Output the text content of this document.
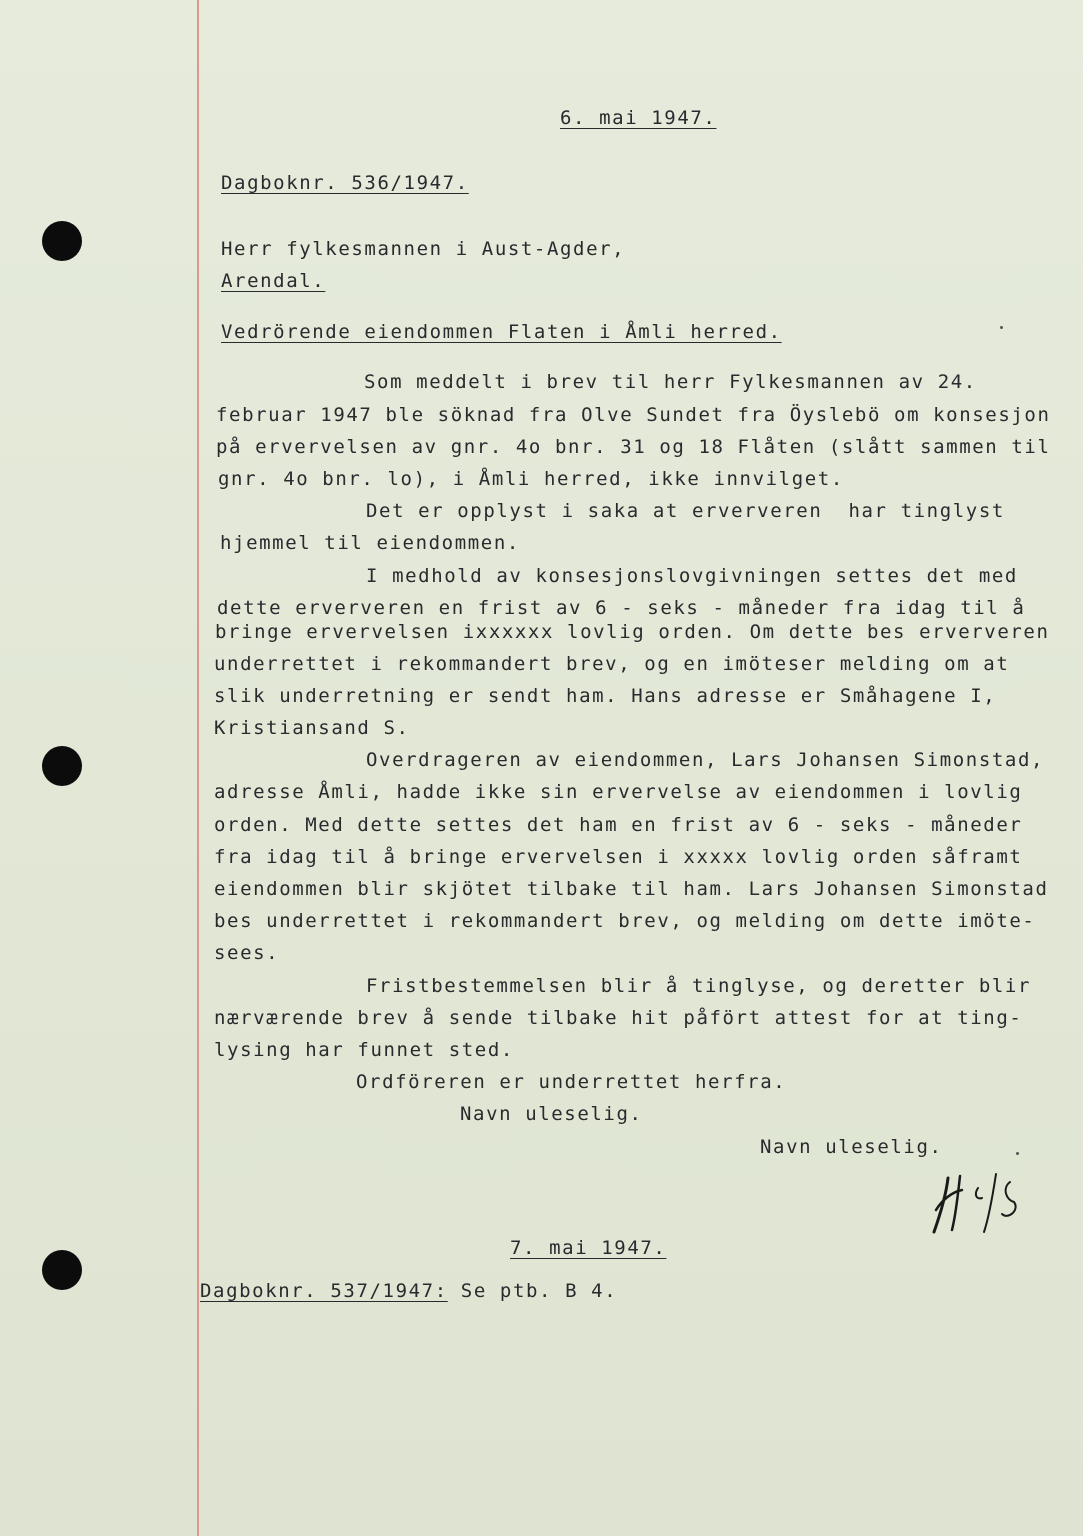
6. mai 1947.
Dagboknr. 536/1947.
Herr fylkesmannen i Aust-Agder,
Arendal.
Vedrörende eiendommen Flaten i Åmli herred.
Som meddelt i brev til herr Fylkesmannen av 24.
februar 1947 ble söknad fra Olve Sundet fra Öyslebö om konsesjon
på ervervelsen av gnr. 4o bnr. 31 og 18 Flåten (slått sammen til
gnr. 4o bnr. lo), i Åmli herred, ikke innvilget.
Det er opplyst i saka at erververen  har tinglyst
hjemmel til eiendommen.
I medhold av konsesjonslovgivningen settes det med
dette erververen en frist av 6 - seks - måneder fra idag til å
bringe ervervelsen ixxxxxx lovlig orden. Om dette bes erververen
underrettet i rekommandert brev, og en imöteser melding om at
slik underretning er sendt ham. Hans adresse er Småhagene I,
Kristiansand S.
Overdrageren av eiendommen, Lars Johansen Simonstad,
adresse Åmli, hadde ikke sin ervervelse av eiendommen i lovlig
orden. Med dette settes det ham en frist av 6 - seks - måneder
fra idag til å bringe ervervelsen i xxxxx lovlig orden såframt
eiendommen blir skjötet tilbake til ham. Lars Johansen Simonstad
bes underrettet i rekommandert brev, og melding om dette imöte-
sees.
Fristbestemmelsen blir å tinglyse, og deretter blir
nærværende brev å sende tilbake hit påfört attest for at ting-
lysing har funnet sted.
Ordföreren er underrettet herfra.
Navn uleselig.
Navn uleselig.
7. mai 1947.
Dagboknr. 537/1947: Se ptb. B 4.
